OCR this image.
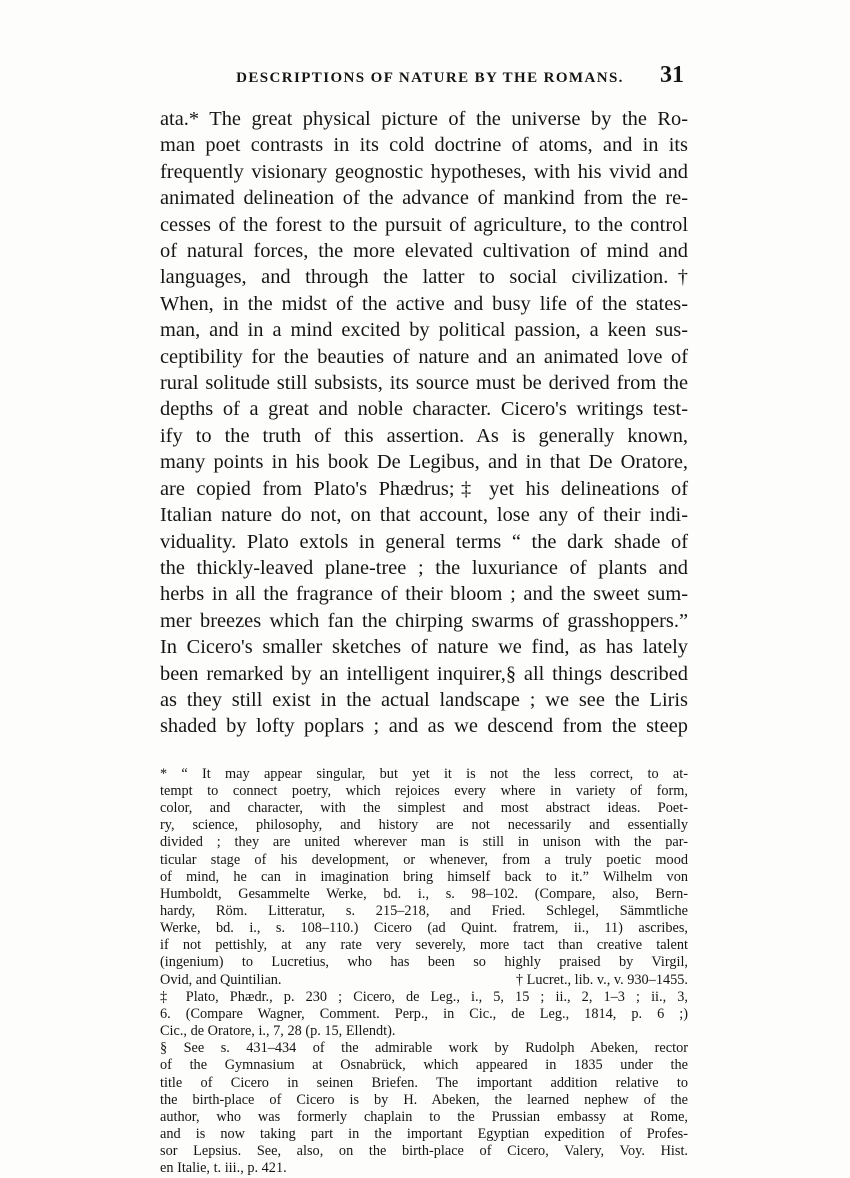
DESCRIPTIONS OF NATURE BY THE ROMANS.	31
ata.* The great physical picture of the universe by the Ro-
man poet contrasts in its cold doctrine of atoms, and in its
frequently visionary geognostic hypotheses, with his vivid and
animated delineation of the advance of mankind from the re-
cesses of the forest to the pursuit of agriculture, to the control
of natural forces, the more elevated cultivation of mind and
languages, and through the latter to social civilization.†
When, in the midst of the active and busy life of the states-
man, and in a mind excited by political passion, a keen sus-
ceptibility for the beauties of nature and an animated love of
rural solitude still subsists, its source must be derived from the
depths of a great and noble character. Cicero's writings test-
ify to the truth of this assertion. As is generally known,
many points in his book De Legibus, and in that De Oratore,
are copied from Plato's Phædrus;‡ yet his delineations of
Italian nature do not, on that account, lose any of their indi-
viduality. Plato extols in general terms “ the dark shade of
the thickly-leaved plane-tree ; the luxuriance of plants and
herbs in all the fragrance of their bloom ; and the sweet sum-
mer breezes which fan the chirping swarms of grasshoppers.”
In Cicero's smaller sketches of nature we find, as has lately
been remarked by an intelligent inquirer,§ all things described
as they still exist in the actual landscape ; we see the Liris
shaded by lofty poplars ; and as we descend from the steep
* “ It may appear singular, but yet it is not the less correct, to at-
tempt to connect poetry, which rejoices every where in variety of form,
color, and character, with the simplest and most abstract ideas. Poet-
ry, science, philosophy, and history are not necessarily and essentially
divided ; they are united wherever man is still in unison with the par-
ticular stage of his development, or whenever, from a truly poetic mood
of mind, he can in imagination bring himself back to it.” Wilhelm von
Humboldt, Gesammelte Werke, bd. i., s. 98–102. (Compare, also, Bern-
hardy, Röm. Litteratur, s. 215–218, and Fried. Schlegel, Sämmtliche
Werke, bd. i., s. 108–110.) Cicero (ad Quint. fratrem, ii., 11) ascribes,
if not pettishly, at any rate very severely, more tact than creative talent
(ingenium) to Lucretius, who has been so highly praised by Virgil,
Ovid, and Quintilian.	† Lucret., lib. v., v. 930–1455.
‡ Plato, Phædr., p. 230 ; Cicero, de Leg., i., 5, 15 ; ii., 2, 1–3 ; ii., 3,
6. (Compare Wagner, Comment. Perp., in Cic., de Leg., 1814, p. 6 ;)
Cic., de Oratore, i., 7, 28 (p. 15, Ellendt).
§ See s. 431–434 of the admirable work by Rudolph Abeken, rector
of the Gymnasium at Osnabrück, which appeared in 1835 under the
title of Cicero in seinen Briefen. The important addition relative to
the birth-place of Cicero is by H. Abeken, the learned nephew of the
author, who was formerly chaplain to the Prussian embassy at Rome,
and is now taking part in the important Egyptian expedition of Profes-
sor Lepsius. See, also, on the birth-place of Cicero, Valery, Voy. Hist.
en Italie, t. iii., p. 421.
